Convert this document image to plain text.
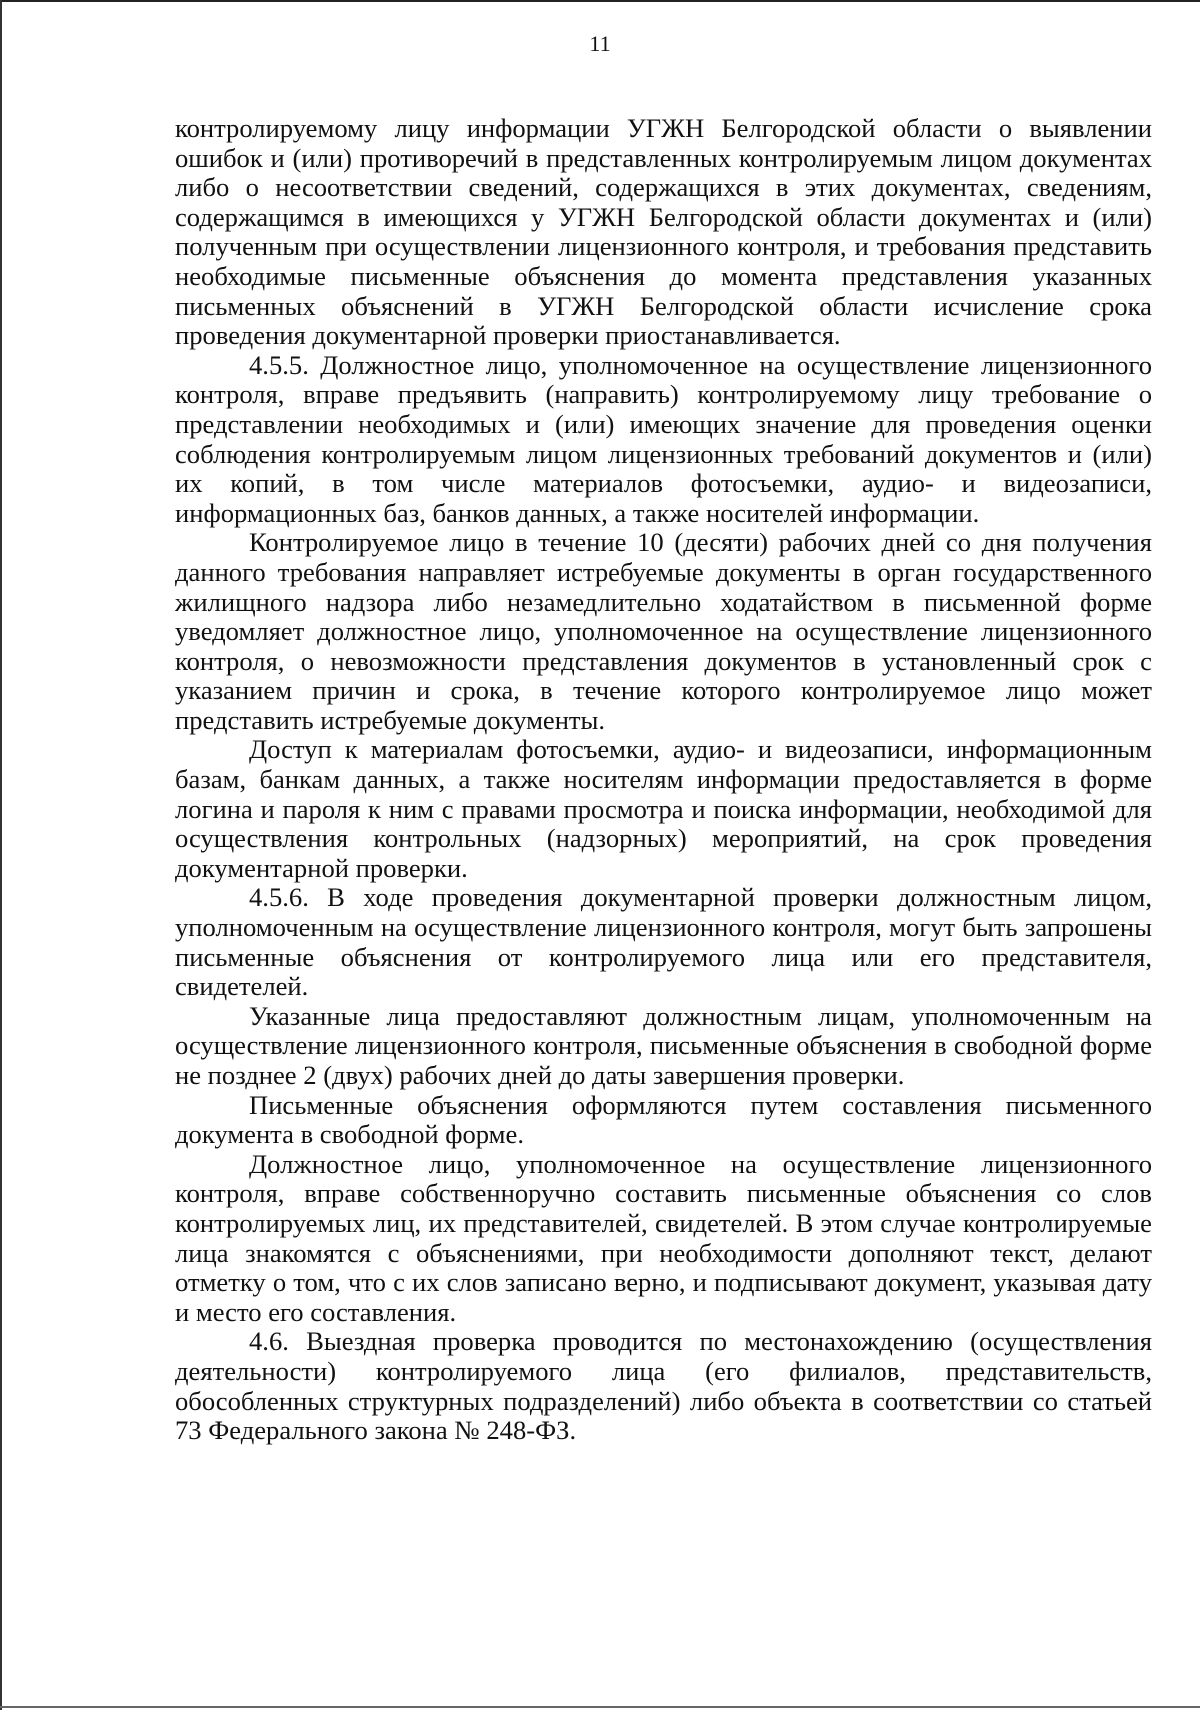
11

контролируемому лицу информации УГЖН Белгородской области о выявлении ошибок и (или) противоречий в представленных контролируемым лицом документах либо о несоответствии сведений, содержащихся в этих документах, сведениям, содержащимся в имеющихся у УГЖН Белгородской области документах и (или) полученным при осуществлении лицензионного контроля, и требования представить необходимые письменные объяснения до момента представления указанных письменных объяснений в УГЖН Белгородской области исчисление срока проведения документарной проверки приостанавливается.

4.5.5. Должностное лицо, уполномоченное на осуществление лицензионного контроля, вправе предъявить (направить) контролируемому лицу требование о представлении необходимых и (или) имеющих значение для проведения оценки соблюдения контролируемым лицом лицензионных требований документов и (или) их копий, в том числе материалов фотосъемки, аудио- и видеозаписи, информационных баз, банков данных, а также носителей информации.

Контролируемое лицо в течение 10 (десяти) рабочих дней со дня получения данного требования направляет истребуемые документы в орган государственного жилищного надзора либо незамедлительно ходатайством в письменной форме уведомляет должностное лицо, уполномоченное на осуществление лицензионного контроля, о невозможности представления документов в установленный срок с указанием причин и срока, в течение которого контролируемое лицо может представить истребуемые документы.

Доступ к материалам фотосъемки, аудио- и видеозаписи, информационным базам, банкам данных, а также носителям информации предоставляется в форме логина и пароля к ним с правами просмотра и поиска информации, необходимой для осуществления контрольных (надзорных) мероприятий, на срок проведения документарной проверки.

4.5.6. В ходе проведения документарной проверки должностным лицом, уполномоченным на осуществление лицензионного контроля, могут быть запрошены письменные объяснения от контролируемого лица или его представителя, свидетелей.

Указанные лица предоставляют должностным лицам, уполномоченным на осуществление лицензионного контроля, письменные объяснения в свободной форме не позднее 2 (двух) рабочих дней до даты завершения проверки.

Письменные объяснения оформляются путем составления письменного документа в свободной форме.

Должностное лицо, уполномоченное на осуществление лицензионного контроля, вправе собственноручно составить письменные объяснения со слов контролируемых лиц, их представителей, свидетелей. В этом случае контролируемые лица знакомятся с объяснениями, при необходимости дополняют текст, делают отметку о том, что с их слов записано верно, и подписывают документ, указывая дату и место его составления.

4.6. Выездная проверка проводится по местонахождению (осуществления деятельности) контролируемого лица (его филиалов, представительств, обособленных структурных подразделений) либо объекта в соответствии со статьей 73 Федерального закона № 248-ФЗ.
